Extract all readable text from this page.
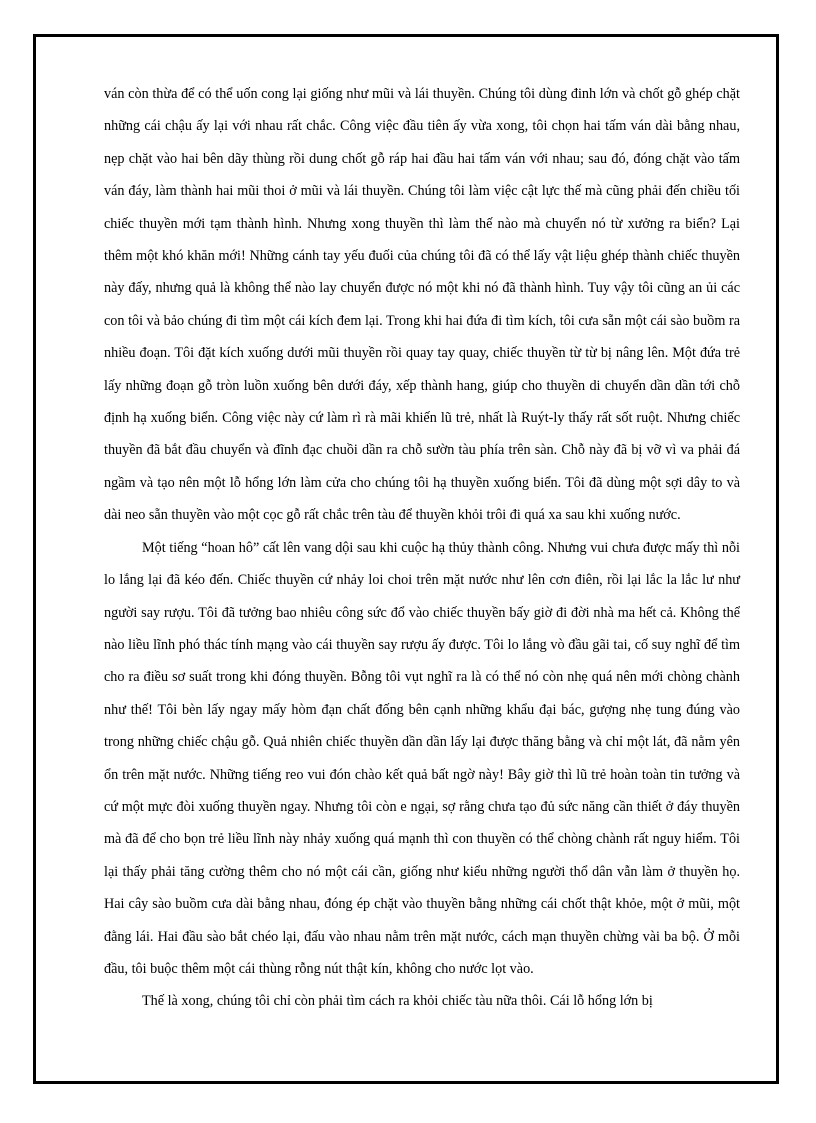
ván còn thừa để có thể uốn cong lại giống như mũi và lái thuyền. Chúng tôi dùng đinh lớn và chốt gỗ ghép chặt những cái chậu ấy lại với nhau rất chắc. Công việc đầu tiên ấy vừa xong, tôi chọn hai tấm ván dài bằng nhau, nẹp chặt vào hai bên dãy thùng rồi dung chốt gỗ ráp hai đầu hai tấm ván với nhau; sau đó, đóng chặt vào tấm ván đáy, làm thành hai mũi thoi ở mũi và lái thuyền. Chúng tôi làm việc cật lực thế mà cũng phải đến chiều tối chiếc thuyền mới tạm thành hình. Nhưng xong thuyền thì làm thế nào mà chuyển nó từ xưởng ra biển? Lại thêm một khó khăn mới! Những cánh tay yếu đuối của chúng tôi đã có thể lấy vật liệu ghép thành chiếc thuyền này đấy, nhưng quả là không thể nào lay chuyển được nó một khi nó đã thành hình. Tuy vậy tôi cũng an ủi các con tôi và bảo chúng đi tìm một cái kích đem lại. Trong khi hai đứa đi tìm kích, tôi cưa sẵn một cái sào buồm ra nhiều đoạn. Tôi đặt kích xuống dưới mũi thuyền rồi quay tay quay, chiếc thuyền từ từ bị nâng lên. Một đứa trẻ lấy những đoạn gỗ tròn luồn xuống bên dưới đáy, xếp thành hang, giúp cho thuyền di chuyển dần dần tới chỗ định hạ xuống biển. Công việc này cứ làm rì rà mãi khiến lũ trẻ, nhất là Ruýt-ly thấy rất sốt ruột. Nhưng chiếc thuyền đã bắt đầu chuyển và đĩnh đạc chuồi dần ra chỗ sườn tàu phía trên sàn. Chỗ này đã bị vỡ vì va phải đá ngầm và tạo nên một lỗ hổng lớn làm cửa cho chúng tôi hạ thuyền xuống biển. Tôi đã dùng một sợi dây to và dài neo sẵn thuyền vào một cọc gỗ rất chắc trên tàu để thuyền khỏi trôi đi quá xa sau khi xuống nước.

Một tiếng “hoan hô” cất lên vang dội sau khi cuộc hạ thủy thành công. Nhưng vui chưa được mấy thì nỗi lo lắng lại đã kéo đến. Chiếc thuyền cứ nhảy loi choi trên mặt nước như lên cơn điên, rồi lại lắc la lắc lư như người say rượu. Tôi đã tưởng bao nhiêu công sức đổ vào chiếc thuyền bấy giờ đi đời nhà ma hết cả. Không thể nào liều lĩnh phó thác tính mạng vào cái thuyền say rượu ấy được. Tôi lo lắng vò đầu gãi tai, cố suy nghĩ để tìm cho ra điều sơ suất trong khi đóng thuyền. Bỗng tôi vụt nghĩ ra là có thể nó còn nhẹ quá nên mới chòng chành như thế! Tôi bèn lấy ngay mấy hòm đạn chất đống bên cạnh những khẩu đại bác, gượng nhẹ tung đúng vào trong những chiếc chậu gỗ. Quả nhiên chiếc thuyền dần dần lấy lại được thăng bằng và chỉ một lát, đã nằm yên ổn trên mặt nước. Những tiếng reo vui đón chào kết quả bất ngờ này! Bây giờ thì lũ trẻ hoàn toàn tin tưởng và cứ một mực đòi xuống thuyền ngay. Nhưng tôi còn e ngại, sợ rằng chưa tạo đủ sức năng cần thiết ở đáy thuyền mà đã để cho bọn trẻ liều lĩnh này nhảy xuống quá mạnh thì con thuyền có thể chòng chành rất nguy hiểm. Tôi lại thấy phải tăng cường thêm cho nó một cái cần, giống như kiểu những người thổ dân vẫn làm ở thuyền họ. Hai cây sào buồm cưa dài bằng nhau, đóng ép chặt vào thuyền bằng những cái chốt thật khỏe, một ở mũi, một đằng lái. Hai đầu sào bắt chéo lại, đấu vào nhau nằm trên mặt nước, cách mạn thuyền chừng vài ba bộ. Ở mỗi đầu, tôi buộc thêm một cái thùng rỗng nút thật kín, không cho nước lọt vào.

Thế là xong, chúng tôi chỉ còn phải tìm cách ra khỏi chiếc tàu nữa thôi. Cái lỗ hổng lớn bị
